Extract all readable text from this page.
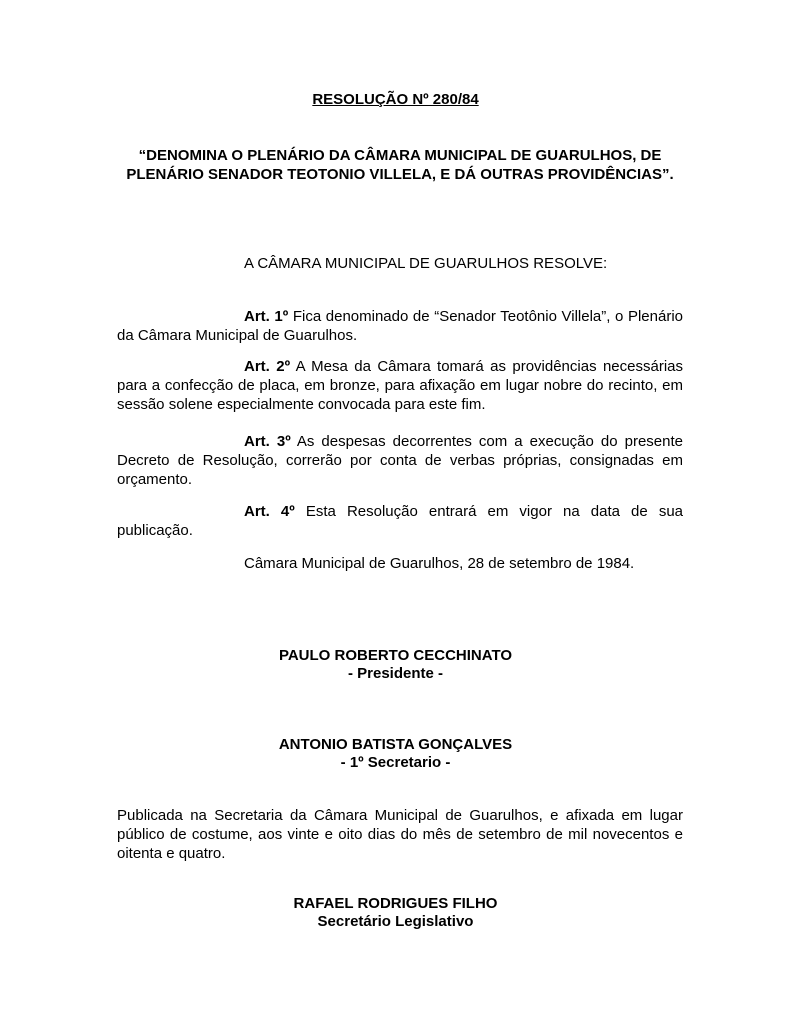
RESOLUÇÃO Nº 280/84
“DENOMINA O PLENÁRIO DA CÂMARA MUNICIPAL DE GUARULHOS, DE PLENÁRIO SENADOR TEOTONIO VILLELA, E DÁ OUTRAS PROVIDÊNCIAS”.
A CÂMARA MUNICIPAL DE GUARULHOS RESOLVE:
Art. 1º Fica denominado de “Senador Teotônio Villela”, o Plenário da Câmara Municipal de Guarulhos.
Art. 2º A Mesa da Câmara tomará as providências necessárias para a confecção de placa, em bronze, para afixação em lugar nobre do recinto, em sessão solene especialmente convocada para este fim.
Art. 3º As despesas decorrentes com a execução do presente Decreto de Resolução, correrão por conta de verbas próprias, consignadas em orçamento.
Art. 4º Esta Resolução entrará em vigor na data de sua publicação.
Câmara Municipal de Guarulhos, 28 de setembro de 1984.
PAULO ROBERTO CECCHINATO
- Presidente -
ANTONIO BATISTA GONÇALVES
- 1º Secretario -
Publicada na Secretaria da Câmara Municipal de Guarulhos, e afixada em lugar público de costume, aos vinte e oito dias do mês de setembro de mil novecentos e oitenta e quatro.
RAFAEL RODRIGUES FILHO
Secretário Legislativo
